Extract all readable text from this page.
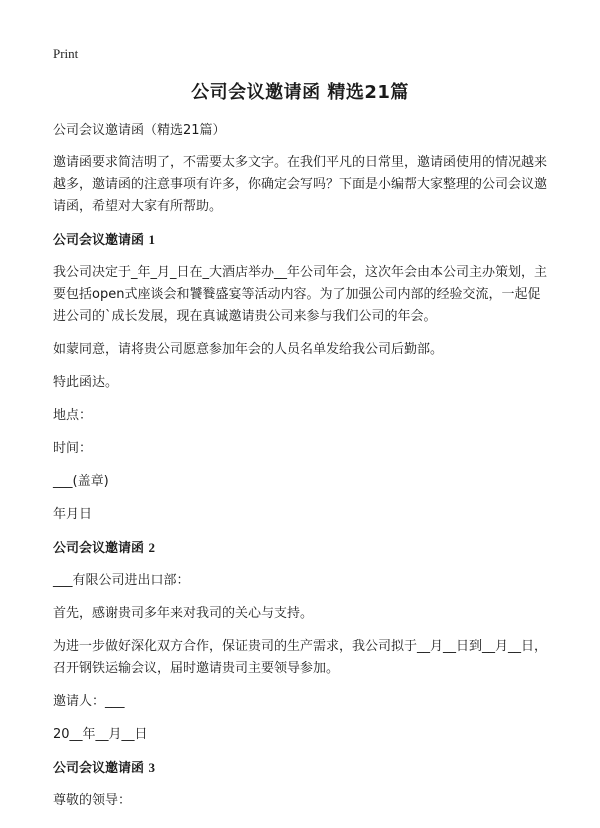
Print
公司会议邀请函 精选21篇

公司会议邀请函（精选21篇）

邀请函要求简洁明了，不需要太多文字。在我们平凡的日常里，邀请函使用的情况越来越多，邀请函的注意事项有许多，你确定会写吗？下面是小编帮大家整理的公司会议邀请函，希望对大家有所帮助。

公司会议邀请函 1

我公司决定于_年_月_日在_大酒店举办__年公司年会，这次年会由本公司主办策划，主要包括open式座谈会和饕餮盛宴等活动内容。为了加强公司内部的经验交流，一起促进公司的`成长发展，现在真诚邀请贵公司来参与我们公司的年会。

如蒙同意，请将贵公司愿意参加年会的人员名单发给我公司后勤部。

特此函达。

地点：

时间：

___(盖章)

年月日

公司会议邀请函 2

___有限公司进出口部：

首先，感谢贵司多年来对我司的关心与支持。

为进一步做好深化双方合作，保证贵司的生产需求，我公司拟于__月__日到__月__日，召开钢铁运输会议，届时邀请贵司主要领导参加。

邀请人：___

20__年__月__日

公司会议邀请函 3

尊敬的领导：
